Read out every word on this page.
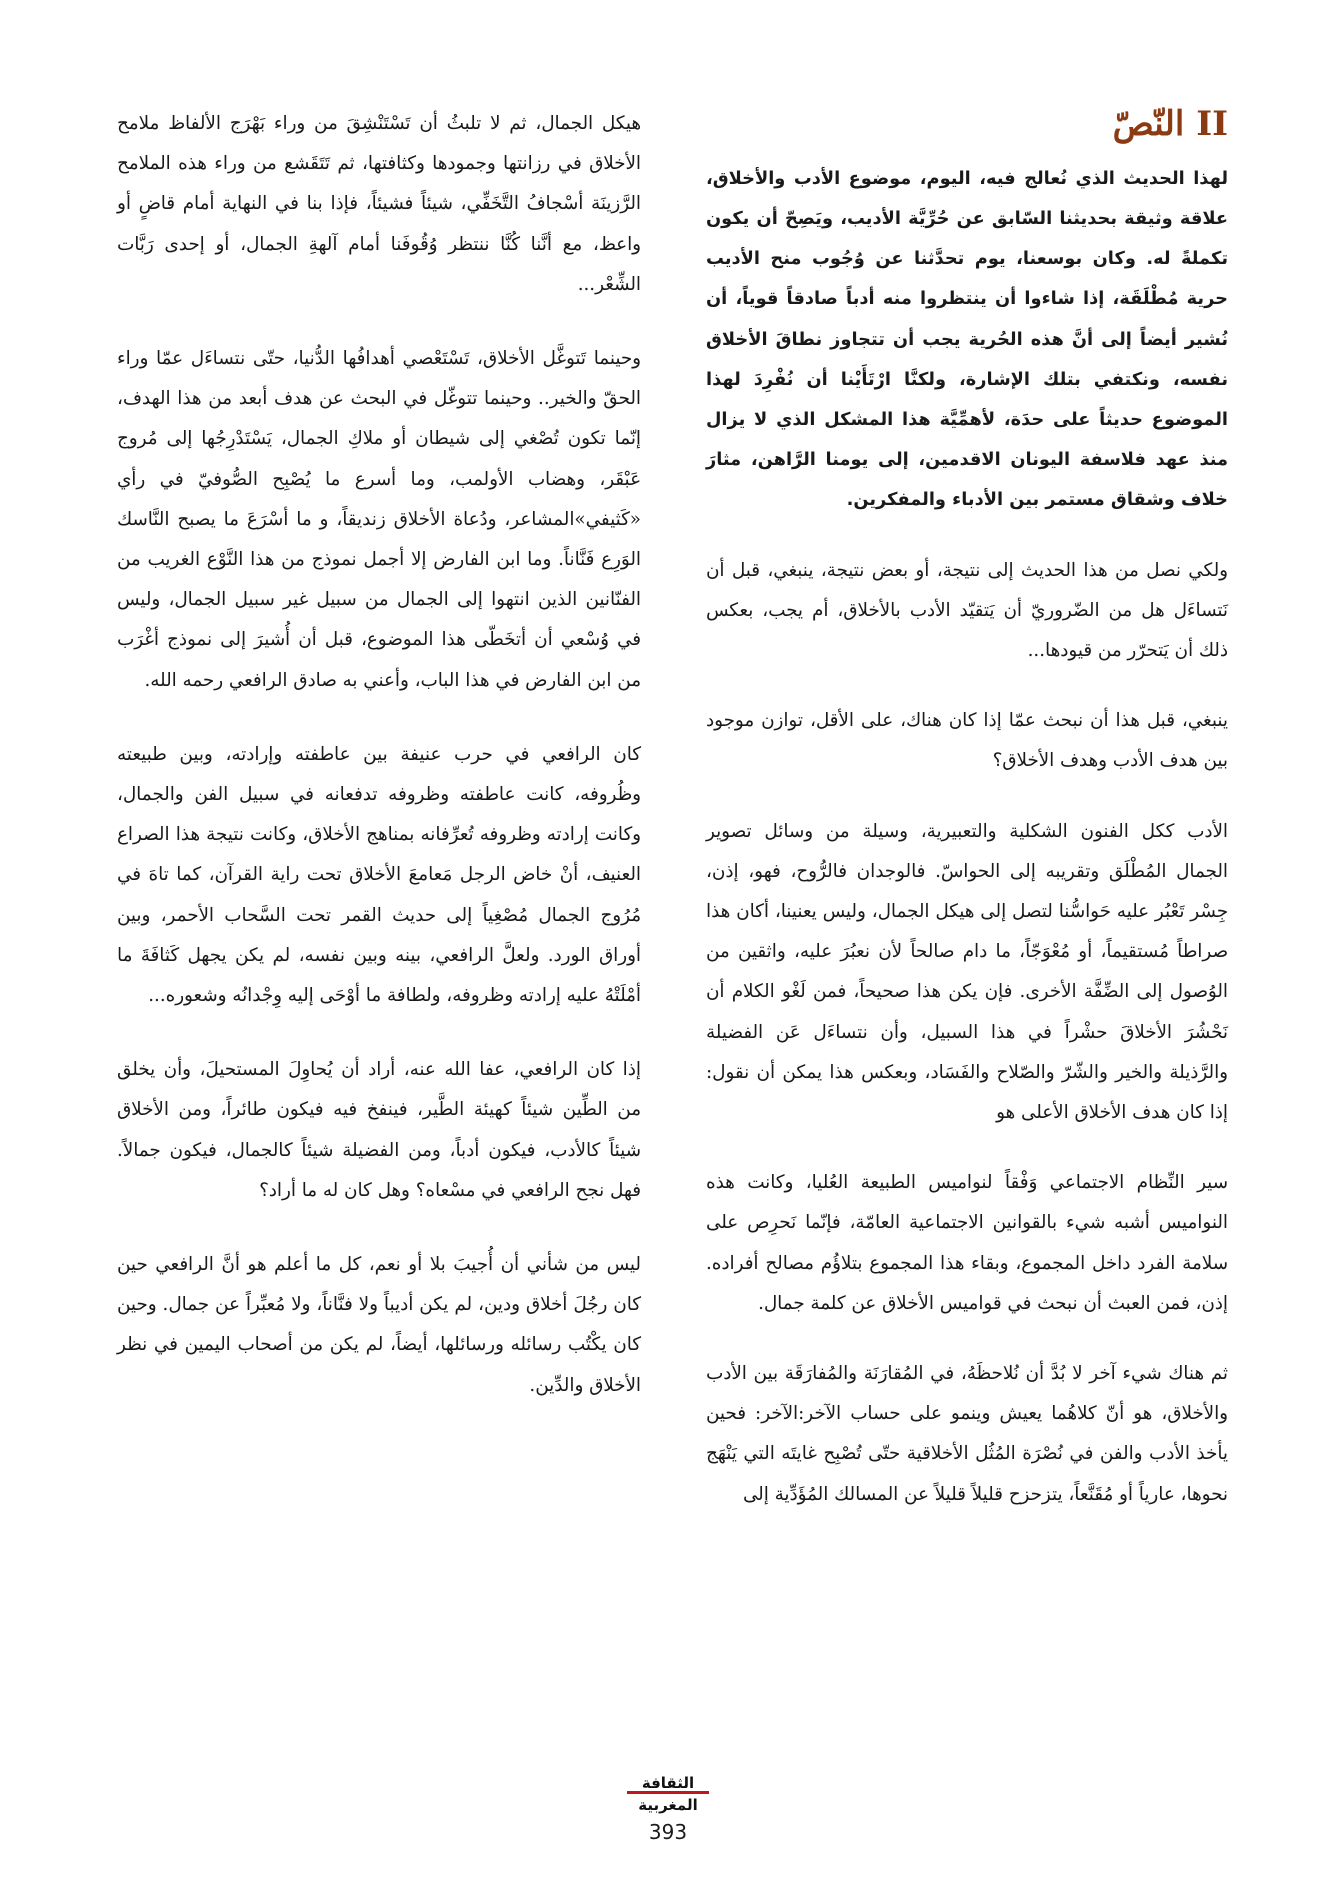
II النّصّ

لهذا الحديث الذي نُعالج فيه، اليوم، موضوع الأدب والأخلاق، علاقة وثيقة بحديثنا السّابق عن حُرِّيَّة الأديب، ويَصِحّ أن يكون تكملةً له. وكان بوسعنا، يوم تحدَّثنا عن وُجُوب منح الأديب حرية مُطْلَقَة، إذا شاءوا أن ينتظروا منه أدباً صادقاً قوياً، أن نُشير أيضاً إلى أنَّ هذه الحُرية يجب أن تتجاوز نطاقَ الأخلاق نفسه، ونكتفي بتلك الإشارة، ولكنَّا ارْتَأَيْنا أن نُفْرِدَ لهذا الموضوع حديثاً على حدَة، لأهمِّيَّة هذا المشكل الذي لا يزال منذ عهد فلاسفة اليونان الاقدمين، إلى يومنا الرَّاهن، مثارَ خلاف وشقاق مستمر بين الأدباء والمفكرين.

ولكي نصل من هذا الحديث إلى نتيجة، أو بعض نتيجة، ينبغي، قبل أن نَتساءَل هل من الضّروريّ أن يَتقيّد الأدب بالأخلاق، أم يجب، بعكس ذلك أن يَتحرّر من قيودها...

ينبغي، قبل هذا أن نبحث عمّا إذا كان هناك، على الأقل، توازن موجود بين هدف الأدب وهدف الأخلاق؟

الأدب ككل الفنون الشكلية والتعبيرية، وسيلة من وسائل تصوير الجمال المُطْلَق وتقريبه إلى الحواسّ. فالوجدان فالرُّوح، فهو، إذن، جِسْر تَعْبُر عليه حَواسُّنا لتصل إلى هيكل الجمال، وليس يعنينا، أكان هذا صراطاً مُستقيماً، أو مُعْوَجّاً، ما دام صالحاً لأن نعبُرَ عليه، واثقين من الوُصول إلى الضِّفَّة الأخرى. فإن يكن هذا صحيحاً، فمن لَغْو الكلام أن نَحْشُرَ الأخلاقَ حشْراً في هذا السبيل، وأن نتساءَل عَن الفضيلة والرَّذيلة والخير والشّرّ والصّلاح والفَسَاد، وبعكس هذا يمكن أن نقول: إذا كان هدف الأخلاق الأعلى هو

سير النِّظام الاجتماعي وَفْقاً لنواميس الطبيعة العُليا، وكانت هذه النواميس أشبه شيء بالقوانين الاجتماعية العامّة، فإنّما نَحرِص على سلامة الفرد داخل المجموع، وبقاء هذا المجموع بتلاؤُم مصالح أفراده. إذن، فمن العبث أن نبحث في قواميس الأخلاق عن كلمة جمال.

ثم هناك شيء آخر لا بُدَّ أن نُلاحظَهُ، في المُقارَنَة والمُفارَقَة بين الأدب والأخلاق، هو أنّ كلاهُما يعيش وينمو على حساب الآخر:الآخر: فحين يأخذ الأدب والفن في نُصْرَة المُثُل الأخلاقية حتّى تُصْبِح غايتَه التي يَنْهَج نحوها، عارياً أو مُقَنَّعاً، يتزحزح قليلاً قليلاً عن المسالك المُؤَدِّية إلى

هيكل الجمال، ثم لا تلبثُ أن تَسْتَنْشِقَ من وراء بَهْرَج الألفاظ ملامح الأخلاق في رزانتها وجمودها وكثافتها، ثم تَتَقَشع من وراء هذه الملامح الرَّزينَة أسْجافُ التَّخَفِّي، شيئاً فشيئاً، فإذا بنا في النهاية أمام قاضٍ أو واعظ، مع أنَّنا كُنَّا ننتظر وُقُوفَنا أمام آلهةِ الجمال، أو إحدى رَبَّات الشِّعْر...

وحينما تَتوغَّل الأخلاق، تَسْتَعْصي أهدافُها الدُّنيا، حتّى نتساءَل عمّا وراء الحقّ والخير.. وحينما تتوغّل في البحث عن هدف أبعد من هذا الهدف، إنّما تكون تُصْغي إلى شيطان أو ملاكِ الجمال، يَسْتَدْرِجُها إلى مُروج عَبْقَر، وهضاب الأولمب، وما أسرع ما يُصْبِح الصُّوفيّ في رأي «كَثيفي»المشاعر، ودُعاة الأخلاق زنديقاً، و ما أسْرَعَ ما يصبح النَّاسك الوَرِع فَنَّاناً. وما ابن الفارض إلا أجمل نموذج من هذا النَّوْع الغريب من الفنّانين الذين انتهوا إلى الجمال من سبيل غير سبيل الجمال، وليس في وُسْعي أن أتخَطّى هذا الموضوع، قبل أن أُشيرَ إلى نموذج أغْرَب من ابن الفارض في هذا الباب، وأعني به صادق الرافعي رحمه الله.

كان الرافعي في حرب عنيفة بين عاطفته وإرادته، وبين طبيعته وظُروفه، كانت عاطفته وظروفه تدفعانه في سبيل الفن والجمال، وكانت إرادته وظروفه تُعرِّفانه بمناهج الأخلاق، وكانت نتيجة هذا الصراع العنيف، أنْ خاض الرجل مَعامعَ الأخلاق تحت راية القرآن، كما تاهَ في مُرُوج الجمال مُصْغِياً إلى حديث القمر تحت السَّحاب الأحمر، وبين أوراق الورد. ولعلَّ الرافعي، بينه وبين نفسه، لم يكن يجهل كَثافَةَ ما أمْلَتْهُ عليه إرادته وظروفه، ولطافة ما أوْحَى إليه وِجْدانُه وشعوره...

إذا كان الرافعي، عفا الله عنه، أراد أن يُحاوِلَ المستحيلَ، وأن يخلق من الطِّين شيئاً كهيئة الطَّير، فينفخ فيه فيكون طائراً، ومن الأخلاق شيئاً كالأدب، فيكون أدباً، ومن الفضيلة شيئاً كالجمال، فيكون جمالاً. فهل نجح الرافعي في مسْعاه؟ وهل كان له ما أراد؟

ليس من شأني أن أُجيبَ بلا أو نعم، كل ما أعلم هو أنَّ الرافعي حين كان رجُلَ أخلاق ودين، لم يكن أديباً ولا فنَّاناً، ولا مُعبِّراً عن جمال. وحين كان يكْتُب رسائله ورسائلها، أيضاً، لم يكن من أصحاب اليمين في نظر الأخلاق والدِّين.

الثقافة
المغربية
393
